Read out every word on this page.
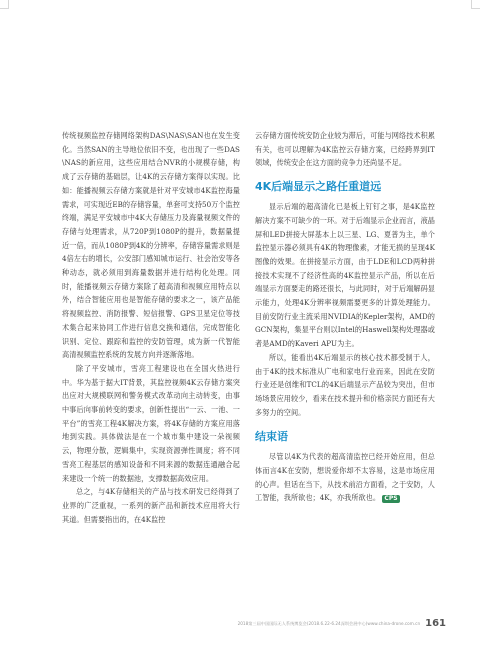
传统视频监控存储网络架构DAS\NAS\SAN也在发生变化。当然SAN的主导地位依旧不变，也出现了一些DAS\NAS的新应用，这些应用结合NVR的小规模存储，构成了云存储的基础层，让4K的云存储方案得以实现。比如：能播视频云存储方案就是针对平安城市4K监控海量需求，可实现近EB的存储容量，单套可支持50万个监控终端，满足平安城市中4K大存储压力及海量视频文件的存储与处理需求，从720P到1080P的提升，数据量提近一倍，而从1080P到4K的分辨率，存储容量需求则是4倍左右的增长，公安部门感知城市运行、社会治安等各种动态，就必须用到海量数据并进行结构化处理。同时，能播视频云存储方案除了超高清和视频应用特点以外，结合智能应用也是智能存储的要求之一，该产品能将视频监控、消防报警、短信报警、GPS卫星定位等技术集合起来协同工作进行信息交换和通信，完成智能化识别、定位、跟踪和监控的安防管理，成为新一代智能高清视频监控系统的发展方向并逐渐落地。

除了平安城市，雪亮工程建设也在全国火热进行中。华为基于据大IT背景，其监控视频4K云存储方案突出应对大规模联网和警务模式改革动向主动转变，由事中事后向事前转变的要求，创新性提出“一云、一池、一平台”的雪亮工程4K解决方案，将4K存储的方案应用落地到实践。具体做法是在一个城市集中建设一朵视频云，物理分散，逻辑集中，实现资源弹性调度；将不同雪亮工程基层的感知设备和不同来源的数据连通融合起来建设一个统一的数据池，支撑数据高效应用。

总之，与4K存储相关的产品与技术研发已经得到了业界的广泛重视，一系列的新产品和新技术应用将大行其道。但需要指出的，在4K监控

云存储方面传统安防企业较为滞后，可能与网络技术积累有关，也可以理解为4K监控云存储方案，已经跨界到IT领域，传统安企在这方面的竞争力还尚显不足。

4K后端显示之路任重道远

显示后端的超高清化已是板上钉钉之事，是4K监控解决方案不可缺少的一环。对于后端显示企业而言，液晶屏和LED拼接大屏基本上以三星、LG、夏普为主，单个监控显示器必须具有4K的物理像素，才能无损的呈现4K图像的效果。在拼接显示方面，由于LDE和LCD两种拼接技术实现不了经济性高的4K监控显示产品，所以在后端显示方面要走的路还很长，与此同时，对于后端解码显示能力，处理4K分辨率视频需要更多的计算处理能力。目前安防行业主流采用NVIDIA的Kepler架构，AMD的GCN架构，集显平台则以Intel的Haswell架构处理器或者是AMD的Kaveri APU为主。

所以，能看出4K后端显示的核心技术都受制于人，由于4K的技术标准从广电和家电行业而来，因此在安防行业还是创维和TCL的4K后端显示产品较为突出，但市场场景应用较少，看来在技术提升和价格亲民方面还有大多努力的空间。

结束语

尽管以4K为代表的超高清监控已经开始应用，但总体而言4K在安防，想说爱你却不太容易，这是市场应用的心声。但话在当下，从技术前沿方面看，之于安防，人工智能，我所欲也；4K，亦我所欲也。 CPS

2018第三届中国国际无人系统博览会(2018.6.22-6.24深圳会展中心)www.china-drone.com.cn 161
